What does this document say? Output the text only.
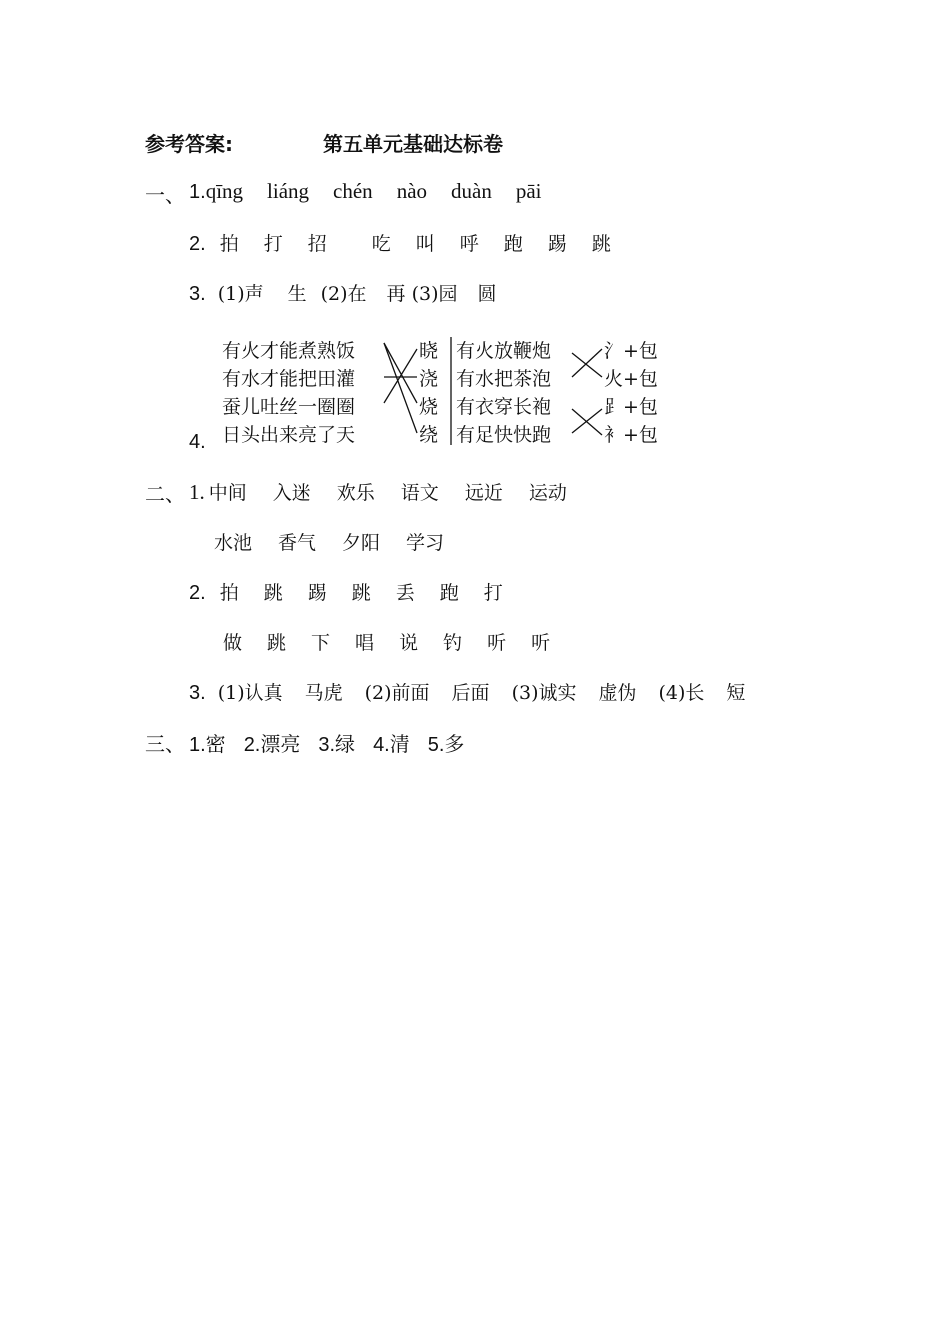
参考答案:	第五单元基础达标卷
一、 1. qīng liáng chén nào duàn pāi
2. 拍 打 招 吃 叫 呼 跑 踢 跳
3. (1)声 生 (2)在 再 (3)园 圆
4.
有火才能煮熟饭
有水才能把田灌
蚕儿吐丝一圈圈
日头出来亮了天
晓
浇
烧
绕
有火放鞭炮
有水把茶泡
有衣穿长袍
有足快快跑
氵+包
火+包
⻊+包
衤+包
二、 1. 中间 入迷 欢乐 语文 远近 运动
水池 香气 夕阳 学习
2. 拍 跳 踢 跳 丢 跑 打
做 跳 下 唱 说 钓 听 听
3. (1)认真 马虎 (2)前面 后面 (3)诚实 虚伪 (4)长 短
三、 1.密 2.漂亮 3.绿 4.清 5.多
